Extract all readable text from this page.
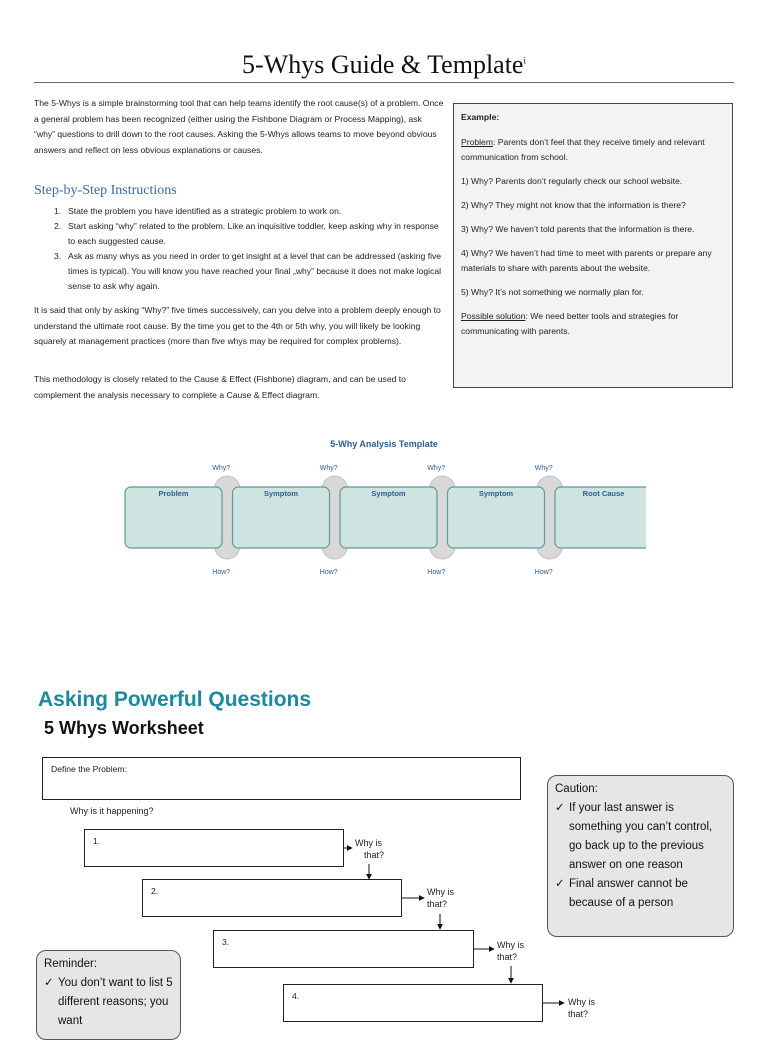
5-Whys Guide & Template$^i$
The 5-Whys is a simple brainstorming tool that can help teams identify the root cause(s) of a problem. Once a general problem has been recognized (either using the Fishbone Diagram or Process Mapping), ask “why” questions to drill down to the root causes. Asking the 5-Whys allows teams to move beyond obvious answers and reflect on less obvious explanations or causes.
Step-by-Step Instructions
1. State the problem you have identified as a strategic problem to work on.
2. Start asking “why” related to the problem. Like an inquisitive toddler, keep asking why in response to each suggested cause.
3. Ask as many whys as you need in order to get insight at a level that can be addressed (asking five times is typical). You will know you have reached your final „why” because it does not make logical sense to ask why again.
It is said that only by asking “Why?” five times successively, can you delve into a problem deeply enough to understand the ultimate root cause. By the time you get to the 4th or 5th why, you will likely be looking squarely at management practices (more than five whys may be required for complex problems).
This methodology is closely related to the Cause & Effect (Fishbone) diagram, and can be used to complement the analysis necessary to complete a Cause & Effect diagram.

Example:

Problem: Parents don’t feel that they receive timely and relevant communication from school.

1) Why? Parents don’t regularly check our school website.

2) Why? They might not know that the information is there?

3) Why? We haven’t told parents that the information is there.

4) Why? We haven’t had time to meet with parents or prepare any materials to share with parents about the website.

5) Why? It’s not something we normally plan for.

Possible solution: We need better tools and strategies for communicating with parents.

5-Why Analysis Template
Why?
How?
Why?
How?
Why?
How?
Why?
How?
Problem	Symptom	Symptom	Symptom	Root Cause
Asking Powerful Questions
5 Whys Worksheet
Define the Problem:
Why is it happening?
1.
2.
3.
4.
Why is
that?
Why is
that?
Why is
that?
Why is
that?
Caution:
✓ If your last answer is something you can’t control, go back up to the previous answer on one reason
✓ Final answer cannot be because of a person
Reminder:
✓ You don’t want to list 5 different reasons; you want
